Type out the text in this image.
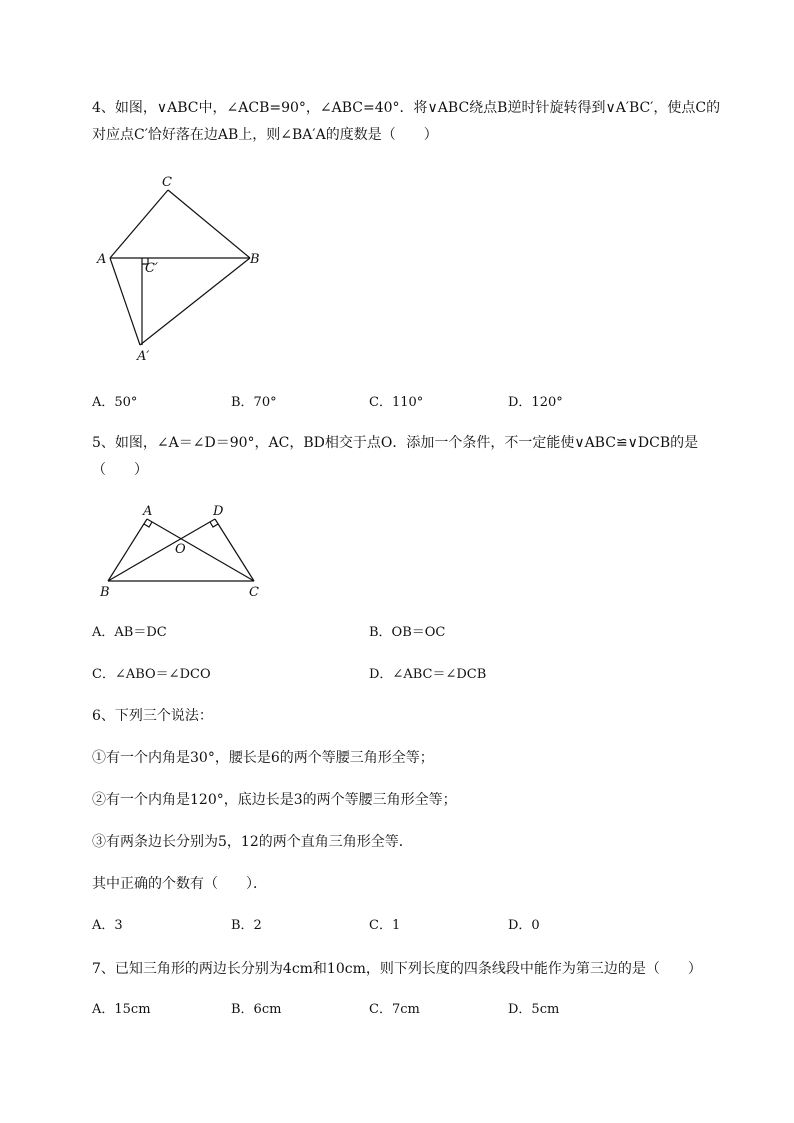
4、如图，∨ABC中，∠ACB=90°，∠ABC=40°．将∨ABC绕点B逆时针旋转得到∨A′BC′，使点C的
对应点C′恰好落在边AB上，则∠BA′A的度数是（　　）
C
A
C′
B
A′
A．50°	B．70°	C．110°	D．120°
5、如图，∠A＝∠D＝90°，AC，BD相交于点O．添加一个条件，不一定能使∨ABC≌∨DCB的是
（　　）
A	D
O
B	C
A．AB＝DC	B．OB＝OC
C．∠ABO＝∠DCO	D．∠ABC＝∠DCB
6、下列三个说法：
①有一个内角是30°，腰长是6的两个等腰三角形全等；
②有一个内角是120°，底边长是3的两个等腰三角形全等；
③有两条边长分别为5，12的两个直角三角形全等．
其中正确的个数有（　　）．
A．3	B．2	C．1	D．0
7、已知三角形的两边长分别为4cm和10cm，则下列长度的四条线段中能作为第三边的是（　　）
A．15cm	B．6cm	C．7cm	D．5cm
